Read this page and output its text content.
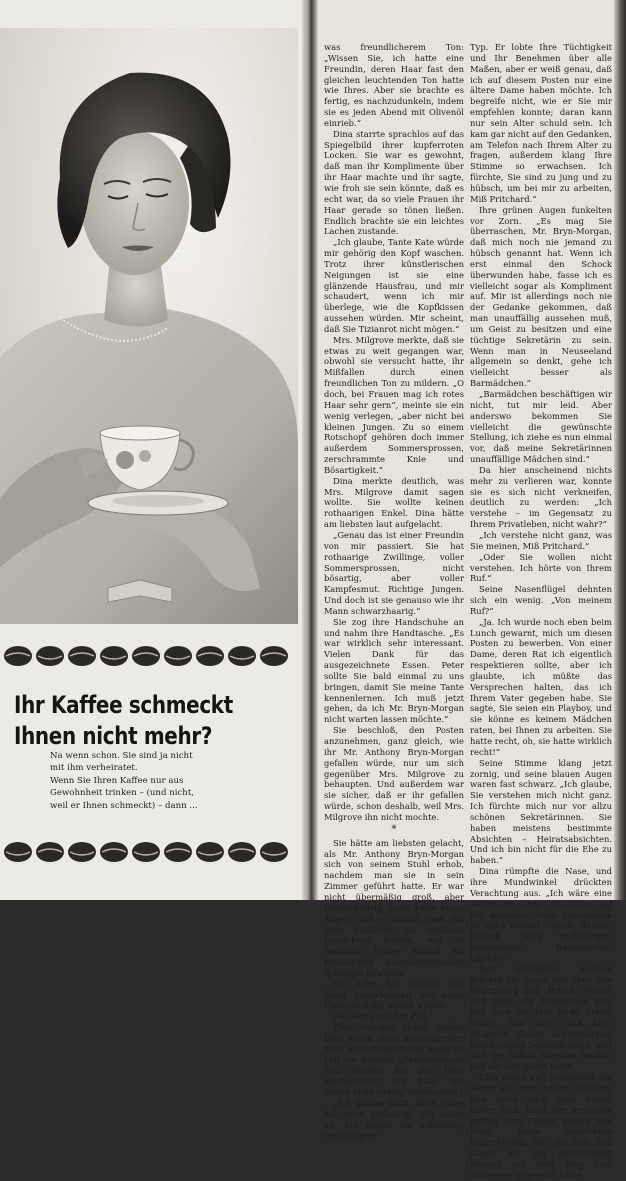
Ihr Kaffee schmeckt
Ihnen nicht mehr?

Na wenn schon. Sie sind ja nicht

mit ihm verheiratet.

Wenn Sie Ihren Kaffee nur aus

Gewohnheit trinken – (und nicht,

weil er Ihnen schmeckt) – dann ...

was freundlicherem Ton: „Wissen Sie, ich hatte eine Freundin, deren Haar fast den gleichen leuchtenden Ton hatte wie Ihres. Aber sie brachte es fertig, es nachzudunkeln, indem sie es jeden Abend mit Olivenöl einrieb.“

Dina starrte sprachlos auf das Spiegelbild ihrer kupferroten Locken. Sie war es gewohnt, daß man ihr Komplimente über ihr Haar machte und ihr sagte, wie froh sie sein könnte, daß es echt war, da so viele Frauen ihr Haar gerade so tönen ließen. Endlich brachte sie ein leichtes Lachen zustande.

„Ich glaube, Tante Kate würde mir gehörig den Kopf waschen. Trotz ihrer künstlerischen Neigungen ist sie eine glänzende Hausfrau, und mir schaudert, wenn ich mir überlege, wie die Kopfkissen aussehen würden. Mir scheint, daß Sie Tizianrot nicht mögen.“

Mrs. Milgrove merkte, daß sie etwas zu weit gegangen war, obwohl sie versucht hatte, ihr Mißfallen durch einen freundlichen Ton zu mildern. „O doch, bei Frauen mag ich rotes Haar sehr gern“, meinte sie ein wenig verlegen, „aber nicht bei kleinen Jungen. Zu so einem Rotschopf gehören doch immer außerdem Sommersprossen, zerschrammte Knie und Bösartigkeit.“

Dina merkte deutlich, was Mrs. Milgrove damit sagen wollte. Sie wollte keinen rothaarigen Enkel. Dina hätte am liebsten laut aufgelacht.

„Genau das ist einer Freundin von mir passiert. Sie hat rothaarige Zwillinge, voller Sommersprossen, nicht bösartig, aber voller Kampfesmut. Richtige Jungen. Und doch ist sie genauso wie ihr Mann schwarzhaarig.“

Sie zog ihre Handschuhe an und nahm ihre Handtasche. „Es war wirklich sehr interessant. Vielen Dank für das ausgezeichnete Essen. Peter sollte Sie bald einmal zu uns bringen, damit Sie meine Tante kennenlernen. Ich muß jetzt gehen, da ich Mr. Bryn-Morgan nicht warten lassen möchte.“

Sie beschloß, den Posten anzunehmen, ganz gleich, wie ihr Mr. Anthony Bryn-Morgan gefallen würde, nur um sich gegenüber Mrs. Milgrove zu behaupten. Und außerdem war sie sicher, daß er ihr gefallen würde, schon deshalb, weil Mrs. Milgrove ihn nicht mochte.

*

Sie hätte am liebsten gelacht, als Mr. Anthony Bryn-Morgan sich von seinem Stuhl erhob, nachdem man sie in sein Zimmer geführt hatte. Er war nicht übermäßig groß, aber breitschultrig, hatte klare blaue Augen und – obwohl man ihn jetzt vielleicht als rothlond bezeichnen konnte, war er bestimmt früher einmal ein rothaariger, sommersprossiger Schlingel gewesen.

Sie hatte das Gefühl, daß diese Unterhaltung mit einer Überraschung enden würde.

Das war auch der Fall.

Fünf Minuten später mußte Dina schon ihren aufsteigenden Zorn unterdrücken und sagte so kalt sie konnte: „Entschuldigen Sie, würden Sie das bitte wiederholen? Ich habe Sie sicher nicht richtig verstanden!“

„Ich glaube doch. Mein Vater hat mich getäuscht. Ich nahm an, Sie wären ein schlichter, brauchbarer

Typ. Er lobte Ihre Tüchtigkeit und Ihr Benehmen über alle Maßen, aber er weiß genau, daß ich auf diesem Posten nur eine ältere Dame haben möchte. Ich begreife nicht, wie er Sie mir empfehlen konnte; daran kann nur sein Alter schuld sein. Ich kam gar nicht auf den Gedanken, am Telefon nach Ihrem Alter zu fragen, außerdem klang Ihre Stimme so erwachsen. Ich fürchte, Sie sind zu jung und zu hübsch, um bei mir zu arbeiten, Miß Pritchard.“

Ihre grünen Augen funkelten vor Zorn. „Es mag Sie überraschen, Mr. Bryn-Morgan, daß mich noch nie jemand zu hübsch genannt hat. Wenn ich erst einmal den Schock überwunden habe, fasse ich es vielleicht sogar als Kompliment auf. Mir ist allerdings noch nie der Gedanke gekommen, daß man unauffällig aussehen muß, um Geist zu besitzen und eine tüchtige Sekretärin zu sein. Wenn man in Neuseeland allgemein so denkt, gehe ich vielleicht besser als Barmädchen.“

„Barmädchen beschäftigen wir nicht, tut mir leid. Aber anderswo bekommen Sie vielleicht die gewünschte Stellung, ich ziehe es nun einmal vor, daß meine Sekretärinnen unauffällige Mädchen sind.“

Da hier anscheinend nichts mehr zu verlieren war, konnte sie es sich nicht verkneifen, deutlich zu werden: „Ich verstehe – im Gegensatz zu Ihrem Privatleben, nicht wahr?“

„Ich verstehe nicht ganz, was Sie meinen, Miß Pritchard.“

„Oder Sie wollen nicht verstehen. Ich hörte von Ihrem Ruf.“

Seine Nasenflügel dehnten sich ein wenig. „Von meinem Ruf?“

„Ja. Ich wurde noch eben beim Lunch gewarnt, mich um diesen Posten zu bewerben. Von einer Dame, deren Rat ich eigentlich respektieren sollte, aber ich glaubte, ich müßte das Versprechen halten, das ich Ihrem Vater gegeben habe. Sie sagte, Sie seien ein Playboy, und sie könne es keinem Mädchen raten, bei Ihnen zu arbeiten. Sie hatte recht, oh, sie hatte wirklich recht!“

Seine Stimme klang jetzt zornig, und seine blauen Augen waren fast schwarz. „Ich glaube, Sie verstehen mich nicht ganz. Ich fürchte mich nur vor allzu schönen Sekretärinnen. Sie haben meistens bestimmte Absichten – Heiratsabsichten. Und ich bin nicht für die Ehe zu haben.“

Dina rümpfte die Nase, und ihre Mundwinkel drückten Verachtung aus. „Ich wäre eine Sekretärin ohne Absichten auf Sie gewesen. Mein Geschmack ist ganz normal – groß, dunkel, hübsch. Kein rothaariger, untersetzter Bullenbeißer. Ohhhh!!“

Der entrüstete Seufzer drückte die ganze Wut über ihre Begegnung mit Peters Mutter und über die Erkenntnis aus, daß man sie hier nicht haben wollte, den Zorn, daß Mrs. Milgrove diesen schrecklichen Mann richtig beurteilt hatte, und daß sie selbst zugeben mußte, daß sie sich geirrt hatte.

Dina stand auf, schwankte ein wenig auf ihren hohen Absätzen und faßte nach dem Sessel neben sich. Statt der Armlehne griffen ihre Finger jedoch den Rand eines überfüllten Papierkorbes, der auf dem Sitz stand, wo ihn anscheinend jemand auf dem Weg zum Ausleeren abgesetzt hatte.
